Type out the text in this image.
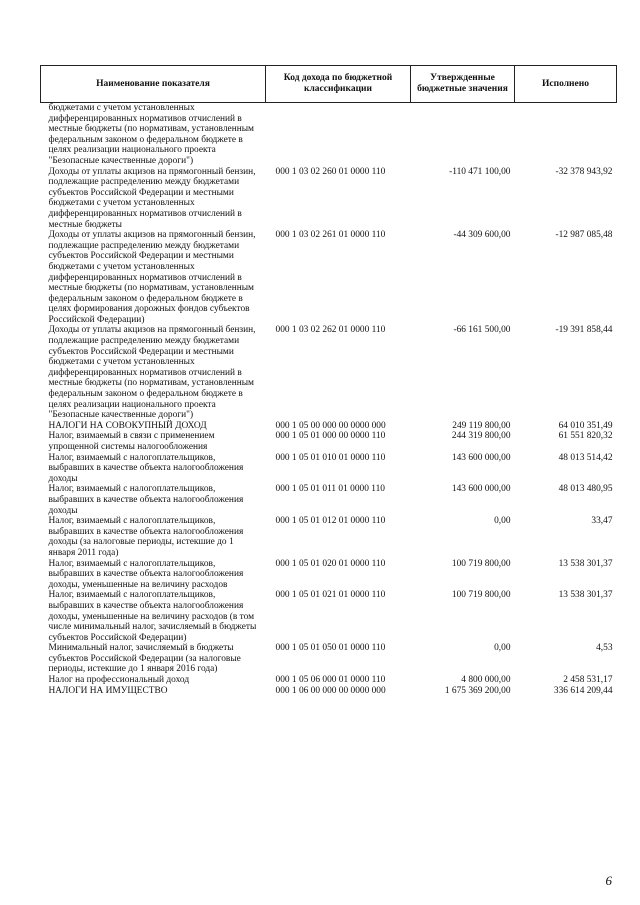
Наименование показателя	Код дохода по бюджетной классификации	Утвержденные бюджетные значения	Исполнено
бюджетами с учетом установленных дифференцированных нормативов отчислений в местные бюджеты (по нормативам, установленным федеральным законом о федеральном бюджете в целях реализации национального проекта "Безопасные качественные дороги")			
Доходы от уплаты акцизов на прямогонный бензин, подлежащие распределению между бюджетами субъектов Российской Федерации и местными бюджетами с учетом установленных дифференцированных нормативов отчислений в местные бюджеты	000 1 03 02 260 01 0000 110	-110 471 100,00	-32 378 943,92
Доходы от уплаты акцизов на прямогонный бензин, подлежащие распределению между бюджетами субъектов Российской Федерации и местными бюджетами с учетом установленных дифференцированных нормативов отчислений в местные бюджеты (по нормативам, установленным федеральным законом о федеральном бюджете в целях формирования дорожных фондов субъектов Российской Федерации)	000 1 03 02 261 01 0000 110	-44 309 600,00	-12 987 085,48
Доходы от уплаты акцизов на прямогонный бензин, подлежащие распределению между бюджетами субъектов Российской Федерации и местными бюджетами с учетом установленных дифференцированных нормативов отчислений в местные бюджеты (по нормативам, установленным федеральным законом о федеральном бюджете в целях реализации национального проекта "Безопасные качественные дороги")	000 1 03 02 262 01 0000 110	-66 161 500,00	-19 391 858,44
НАЛОГИ НА СОВОКУПНЫЙ ДОХОД	000 1 05 00 000 00 0000 000	249 119 800,00	64 010 351,49
Налог, взимаемый в связи с применением упрощенной системы налогообложения	000 1 05 01 000 00 0000 110	244 319 800,00	61 551 820,32
Налог, взимаемый с налогоплательщиков, выбравших в качестве объекта налогообложения доходы	000 1 05 01 010 01 0000 110	143 600 000,00	48 013 514,42
Налог, взимаемый с налогоплательщиков, выбравших в качестве объекта налогообложения доходы	000 1 05 01 011 01 0000 110	143 600 000,00	48 013 480,95
Налог, взимаемый с налогоплательщиков, выбравших в качестве объекта налогообложения доходы (за налоговые периоды, истекшие до 1 января 2011 года)	000 1 05 01 012 01 0000 110	0,00	33,47
Налог, взимаемый с налогоплательщиков, выбравших в качестве объекта налогообложения доходы, уменьшенные на величину расходов	000 1 05 01 020 01 0000 110	100 719 800,00	13 538 301,37
Налог, взимаемый с налогоплательщиков, выбравших в качестве объекта налогообложения доходы, уменьшенные на величину расходов (в том числе минимальный налог, зачисляемый в бюджеты субъектов Российской Федерации)	000 1 05 01 021 01 0000 110	100 719 800,00	13 538 301,37
Минимальный налог, зачисляемый в бюджеты субъектов Российской Федерации (за налоговые периоды, истекшие до 1 января 2016 года)	000 1 05 01 050 01 0000 110	0,00	4,53
Налог на профессиональный доход	000 1 05 06 000 01 0000 110	4 800 000,00	2 458 531,17
НАЛОГИ НА ИМУЩЕСТВО	000 1 06 00 000 00 0000 000	1 675 369 200,00	336 614 209,44
6
